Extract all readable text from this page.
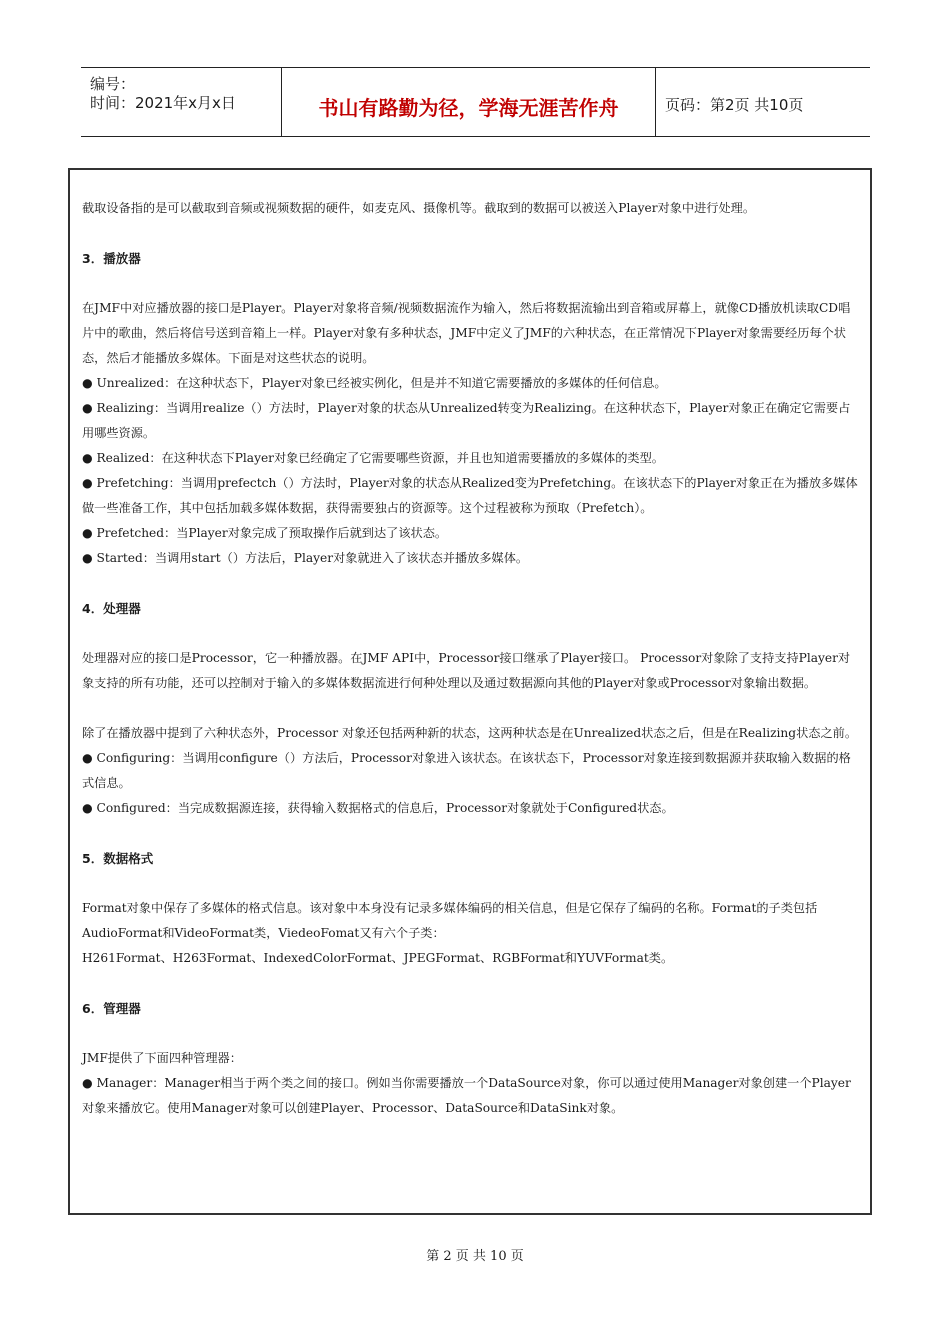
编号：
时间：2021年x月x日	书山有路勤为径，学海无涯苦作舟	页码：第2页 共10页

截取设备指的是可以截取到音频或视频数据的硬件，如麦克风、摄像机等。截取到的数据可以被送入Player对象中进行处理。

3．播放器

在JMF中对应播放器的接口是Player。Player对象将音频/视频数据流作为输入，然后将数据流输出到音箱或屏幕上，就像CD播放机读取CD唱片中的歌曲，然后将信号送到音箱上一样。Player对象有多种状态，JMF中定义了JMF的六种状态，在正常情况下Player对象需要经历每个状态，然后才能播放多媒体。下面是对这些状态的说明。

● Unrealized：在这种状态下，Player对象已经被实例化，但是并不知道它需要播放的多媒体的任何信息。

● Realizing：当调用realize（）方法时，Player对象的状态从Unrealized转变为Realizing。在这种状态下，Player对象正在确定它需要占用哪些资源。

● Realized：在这种状态下Player对象已经确定了它需要哪些资源，并且也知道需要播放的多媒体的类型。

● Prefetching：当调用prefectch（）方法时，Player对象的状态从Realized变为Prefetching。在该状态下的Player对象正在为播放多媒体做一些准备工作，其中包括加载多媒体数据，获得需要独占的资源等。这个过程被称为预取（Prefetch）。

● Prefetched：当Player对象完成了预取操作后就到达了该状态。

● Started：当调用start（）方法后，Player对象就进入了该状态并播放多媒体。

4．处理器

处理器对应的接口是Processor，它一种播放器。在JMF API中，Processor接口继承了Player接口。 Processor对象除了支持支持Player对象支持的所有功能，还可以控制对于输入的多媒体数据流进行何种处理以及通过数据源向其他的Player对象或Processor对象输出数据。

除了在播放器中提到了六种状态外，Processor 对象还包括两种新的状态，这两种状态是在Unrealized状态之后，但是在Realizing状态之前。

● Configuring：当调用configure（）方法后，Processor对象进入该状态。在该状态下，Processor对象连接到数据源并获取输入数据的格式信息。

● Configured：当完成数据源连接，获得输入数据格式的信息后，Processor对象就处于Configured状态。

5．数据格式

Format对象中保存了多媒体的格式信息。该对象中本身没有记录多媒体编码的相关信息，但是它保存了编码的名称。Format的子类包括AudioFormat和VideoFormat类，ViedeoFomat又有六个子类：

H261Format、H263Format、IndexedColorFormat、JPEGFormat、RGBFormat和YUVFormat类。

6．管理器

JMF提供了下面四种管理器：

● Manager：Manager相当于两个类之间的接口。例如当你需要播放一个DataSource对象，你可以通过使用Manager对象创建一个Player对象来播放它。使用Manager对象可以创建Player、Processor、DataSource和DataSink对象。

第 2 页 共 10 页
